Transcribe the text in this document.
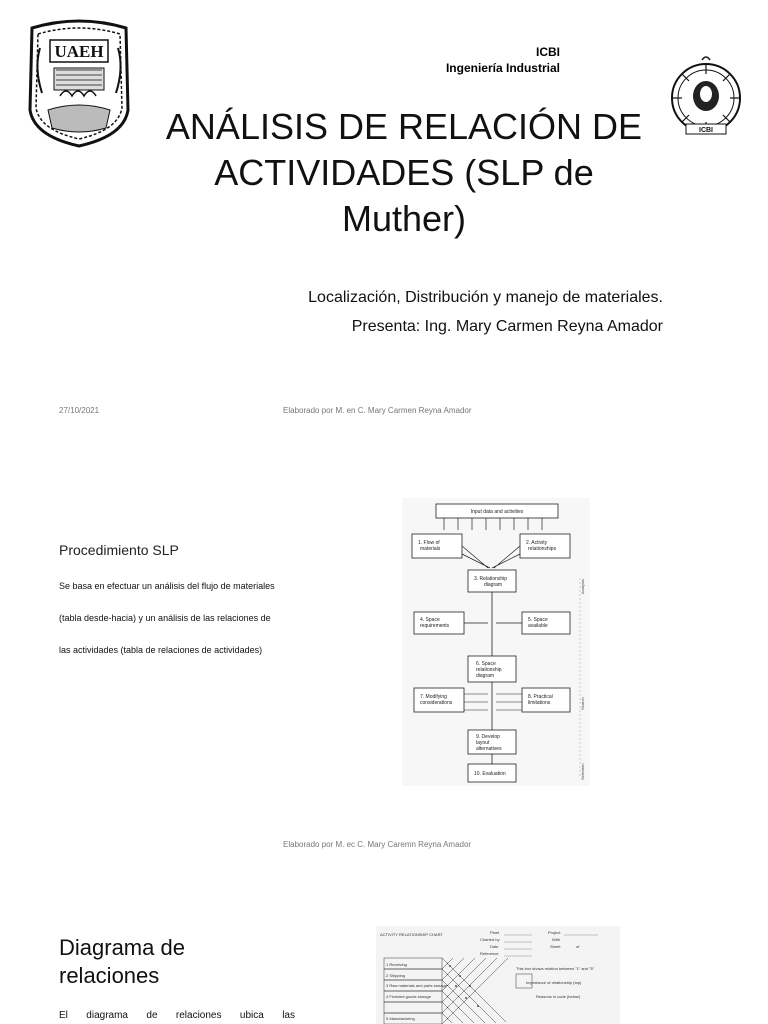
UAEH	ICBI
Ingeniería Industrial
ICBI
ANÁLISIS DE RELACIÓN DE ACTIVIDADES (SLP de Muther)
Localización, Distribución y manejo de materiales.
Presenta: Ing. Mary Carmen Reyna Amador
27/10/2021	Elaborado por M. en C. Mary Carmen Reyna Amador
Procedimiento SLP
Se basa en efectuar un análisis del flujo de materiales
(tabla desde-hacia) y un análisis de las relaciones de
las actividades (tabla de relaciones de actividades)
Input data and activities
1. Flow of
materials
2. Activity
relationships
3. Relationship
diagram
4. Space
requirements
5. Space
available
6. Space
relationship
diagram
7. Modifying
considerations
8. Practical
limitations
9. Develop
layout
alternatives
10. Evaluation
Analysis
Search
Selection
Elaborado por M. ec C. Mary Caremn Reyna Amador
Diagrama de
relaciones
El diagrama de relaciones ubica las
ACTIVITY RELATIONSHIP CHART	Plant	Project
Charted by	With
Date	Sheet	of
Reference
1 Receiving
2 Shipping
3 Raw materials and parts storage
4 Finished goods storage
5 Manufacturing
This box shows relation between "1" and "5"
Importance of relationship (top)
Reasons in code (below)
